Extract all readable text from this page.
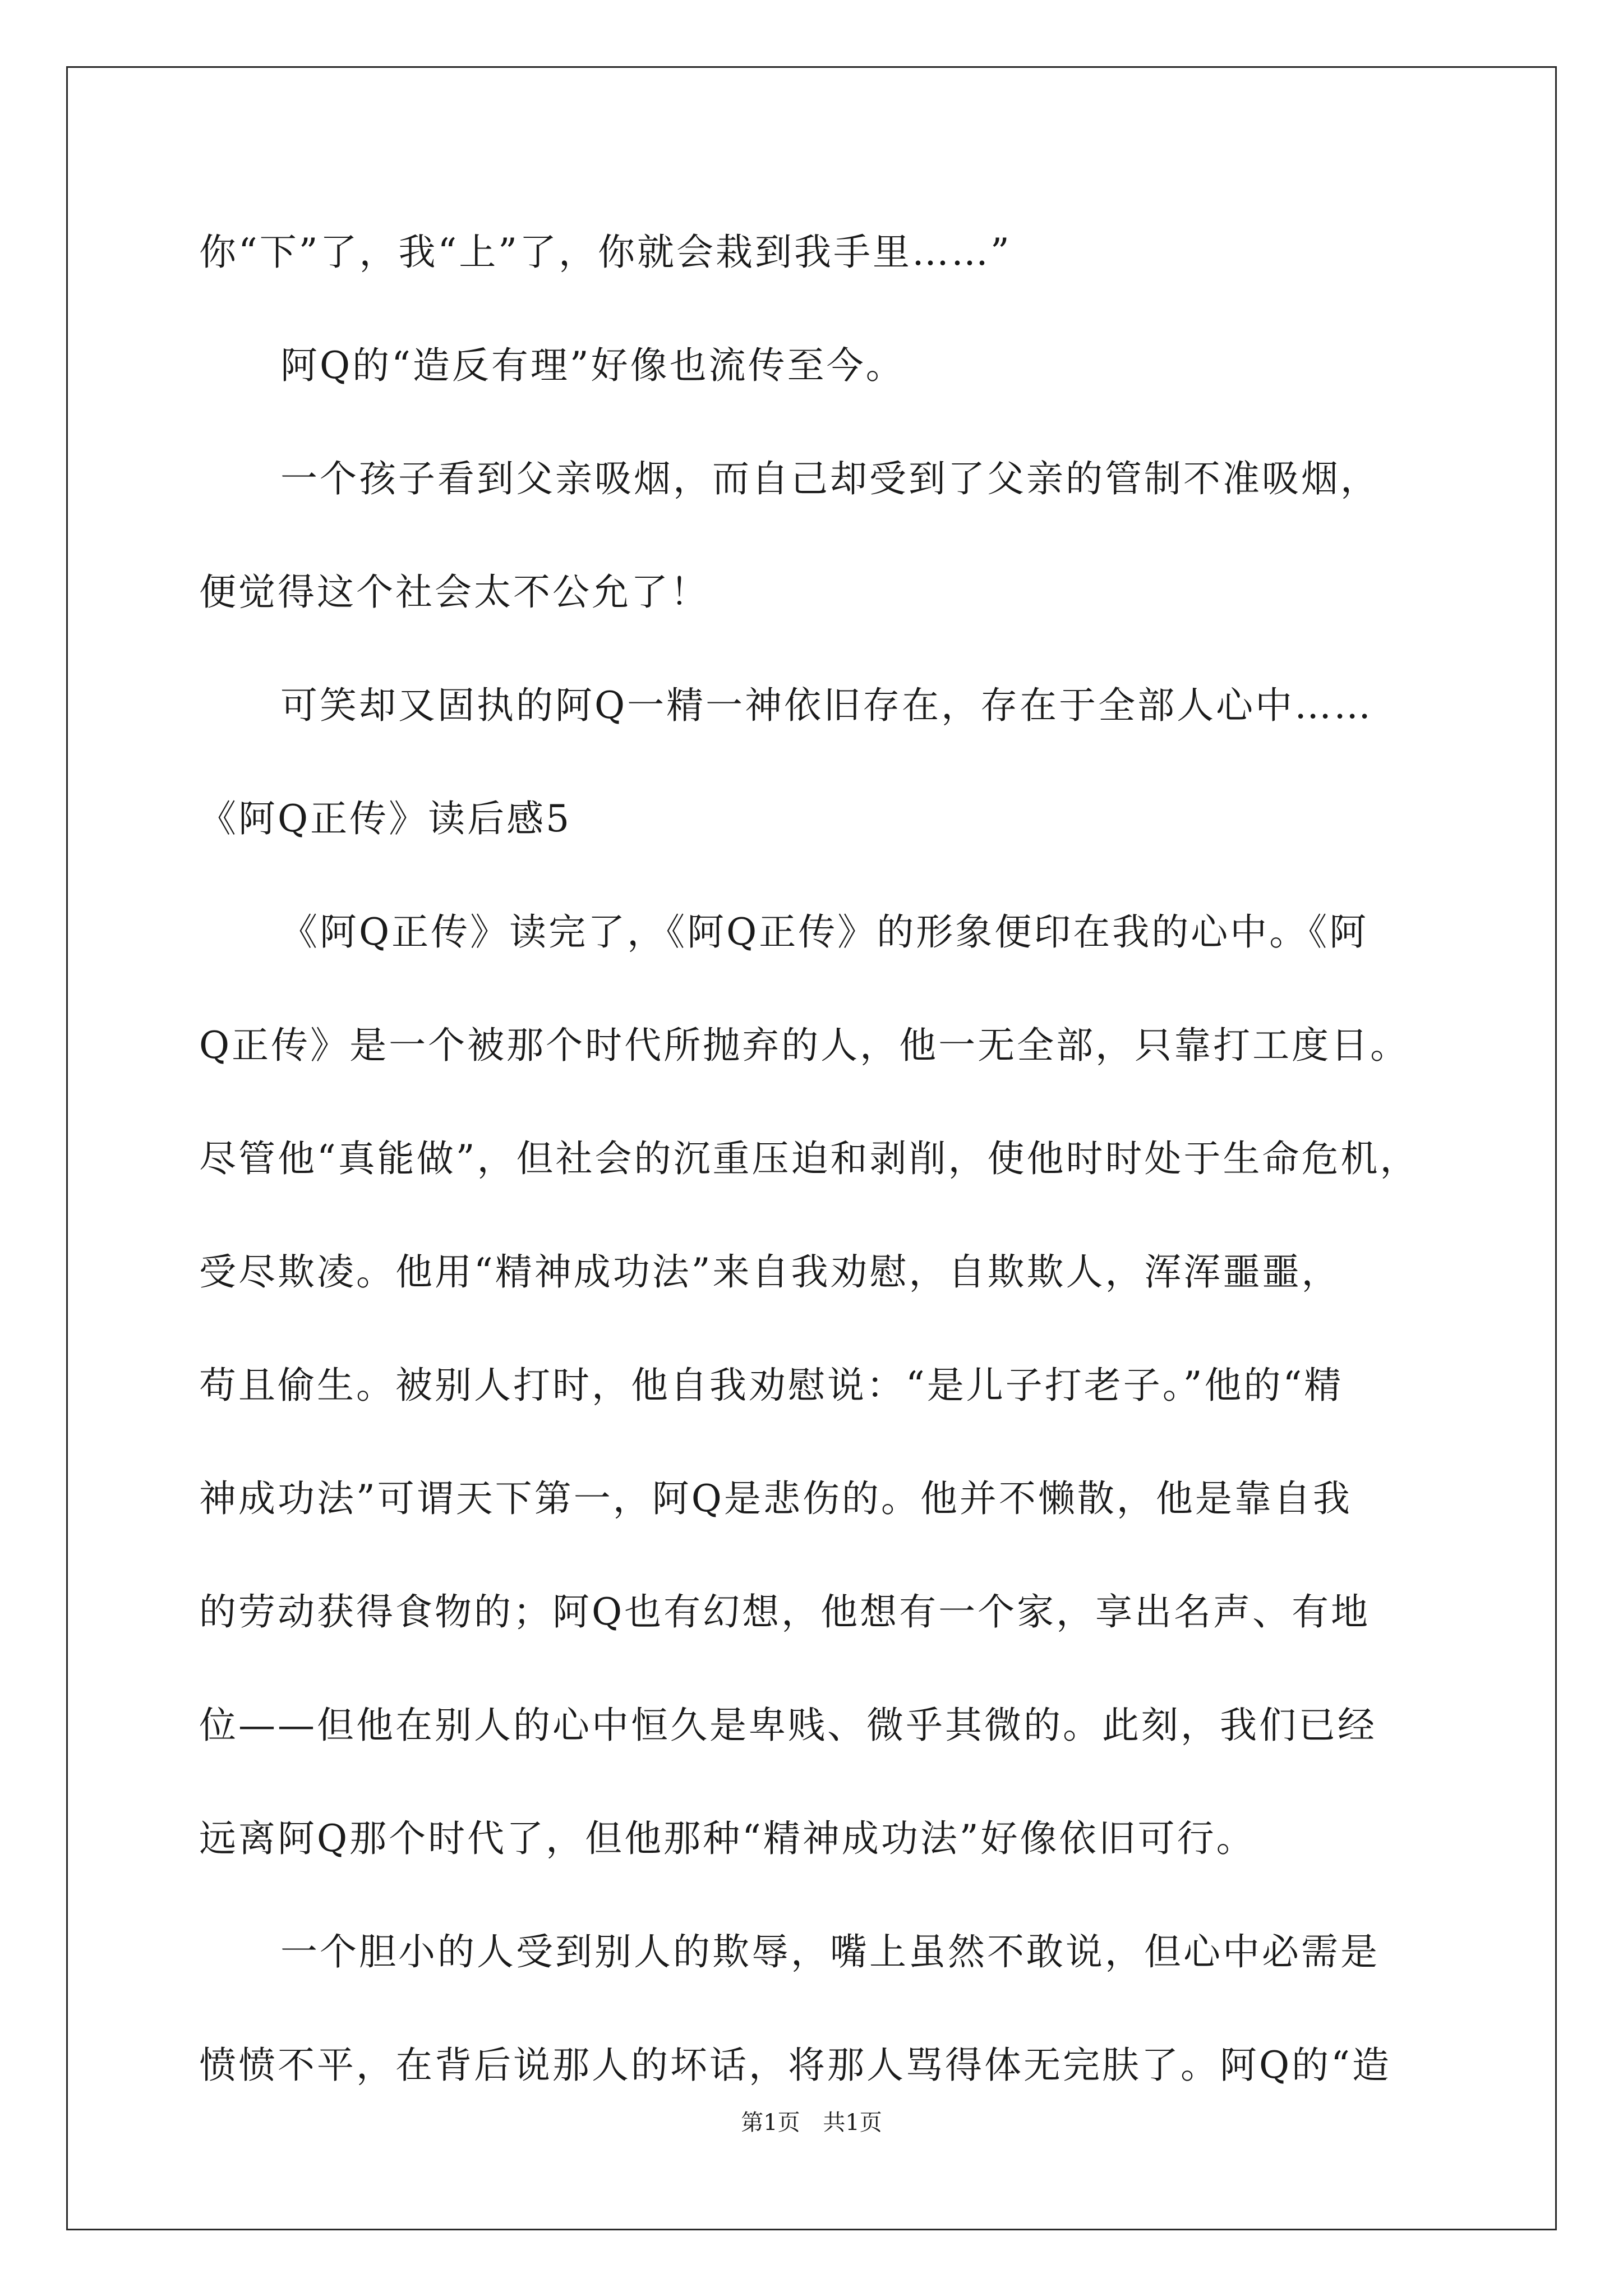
你“下”了，我“上”了，你就会栽到我手里……”
阿Q的“造反有理”好像也流传至今。
一个孩子看到父亲吸烟，而自己却受到了父亲的管制不准吸烟，
便觉得这个社会太不公允了！
可笑却又固执的阿Q一精一神依旧存在，存在于全部人心中……
《阿Q正传》读后感5
《阿Q正传》读完了，《阿Q正传》的形象便印在我的心中。《阿
Q正传》是一个被那个时代所抛弃的人，他一无全部，只靠打工度日。
尽管他“真能做”，但社会的沉重压迫和剥削，使他时时处于生命危机，
受尽欺凌。他用“精神成功法”来自我劝慰，自欺欺人，浑浑噩噩，
苟且偷生。被别人打时，他自我劝慰说：“是儿子打老子。”他的“精
神成功法”可谓天下第一，阿Q是悲伤的。他并不懒散，他是靠自我
的劳动获得食物的；阿Q也有幻想，他想有一个家，享出名声、有地
位——但他在别人的心中恒久是卑贱、微乎其微的。此刻，我们已经
远离阿Q那个时代了，但他那种“精神成功法”好像依旧可行。
一个胆小的人受到别人的欺辱，嘴上虽然不敢说，但心中必需是
愤愤不平，在背后说那人的坏话，将那人骂得体无完肤了。阿Q的“造
第1页 共1页
